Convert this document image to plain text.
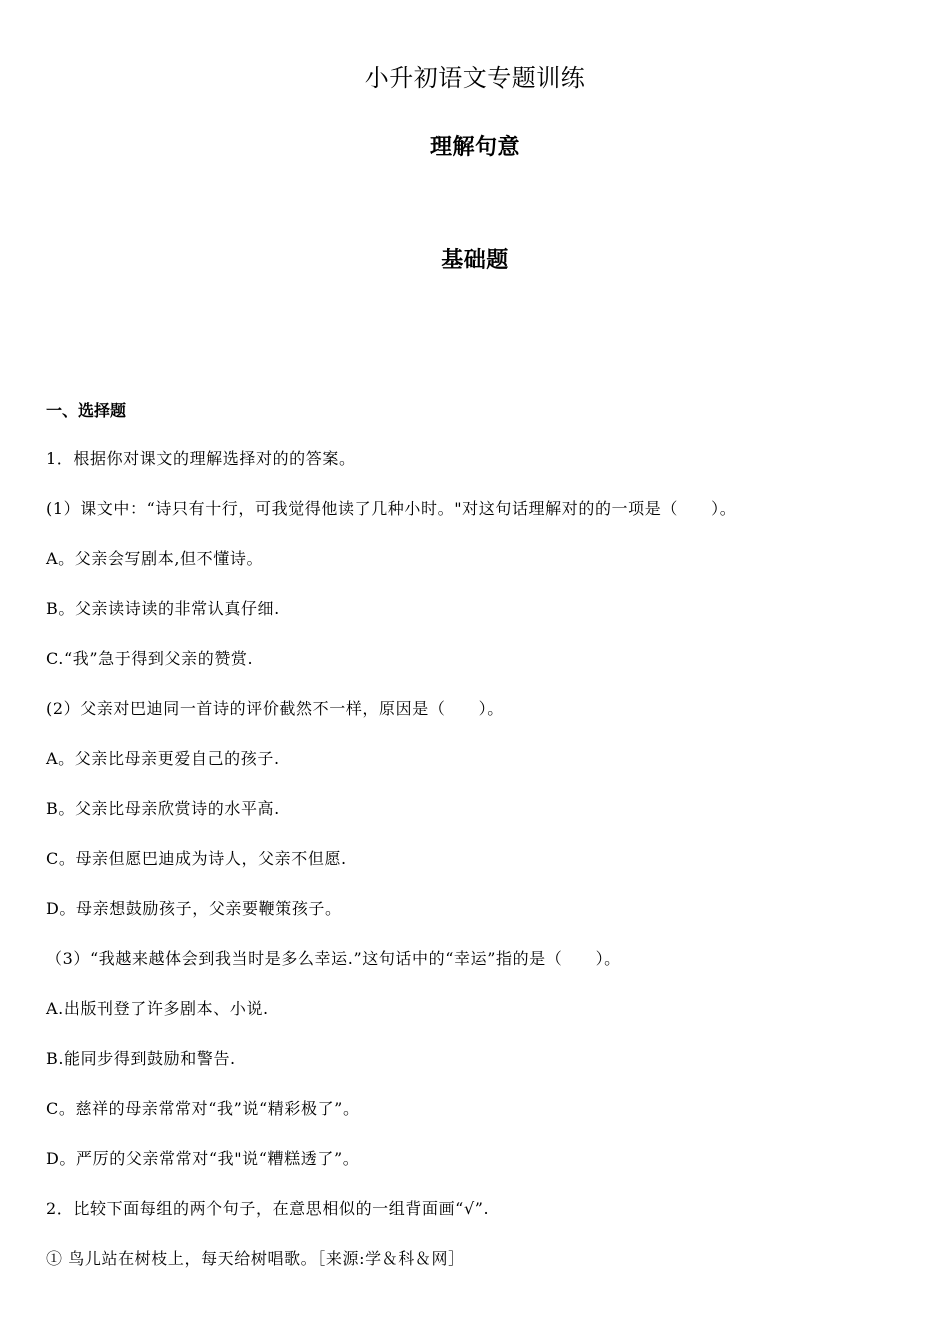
小升初语文专题训练
理解句意
基础题
一、选择题
1．根据你对课文的理解选择对的的答案。
(1）课文中：“诗只有十行，可我觉得他读了几种小时。"对这句话理解对的的一项是（　　）。
A。父亲会写剧本,但不懂诗。
B。父亲读诗读的非常认真仔细.
C.“我”急于得到父亲的赞赏.
(2）父亲对巴迪同一首诗的评价截然不一样，原因是（　　）。
A。父亲比母亲更爱自己的孩子.
B。父亲比母亲欣赏诗的水平高.
C。母亲但愿巴迪成为诗人，父亲不但愿.
D。母亲想鼓励孩子，父亲要鞭策孩子。
（3）“我越来越体会到我当时是多么幸运.”这句话中的“幸运”指的是（　　）。
A.出版刊登了许多剧本、小说.
B.能同步得到鼓励和警告.
C。慈祥的母亲常常对“我”说“精彩极了”。
D。严厉的父亲常常对“我"说“糟糕透了”。
2．比较下面每组的两个句子，在意思相似的一组背面画“√”.
① 鸟儿站在树枝上，每天给树唱歌。［来源:学＆科＆网］
